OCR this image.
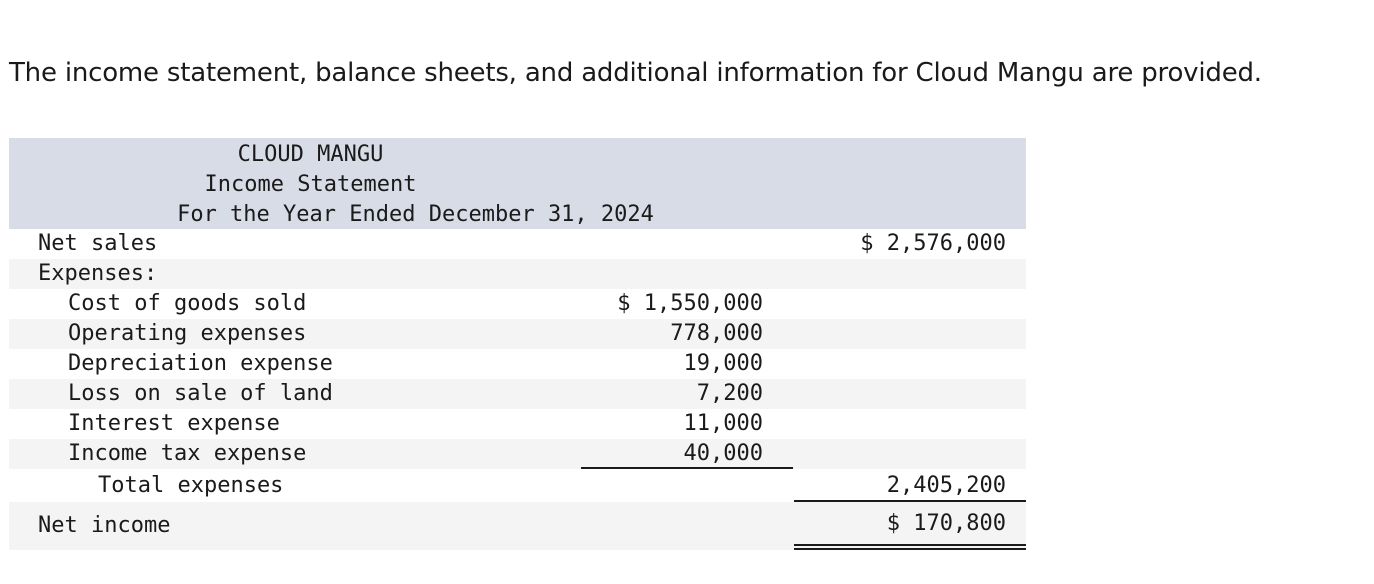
The income statement, balance sheets, and additional information for Cloud Mangu are provided.
CLOUD MANGU
Income Statement
For the Year Ended December 31, 2024
Net sales	$ 2,576,000
Expenses:
Cost of goods sold	$ 1,550,000
Operating expenses	778,000
Depreciation expense	19,000
Loss on sale of land	7,200
Interest expense	11,000
Income tax expense	40,000
Total expenses	2,405,200
Net income	$ 170,800
